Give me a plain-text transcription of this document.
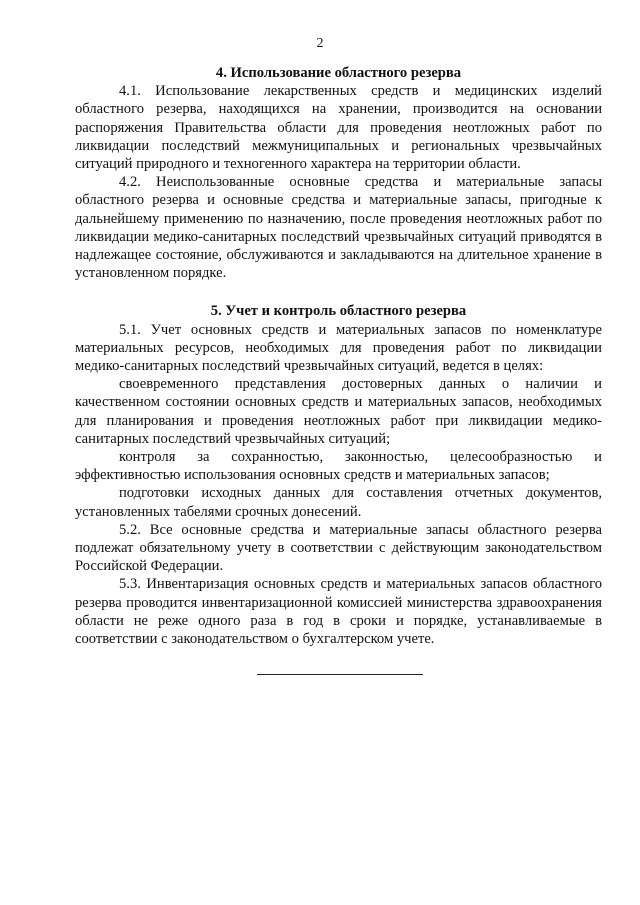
2
4. Использование областного резерва

4.1. Использование лекарственных средств и медицинских изделий областного резерва, находящихся на хранении, производится на основании распоряжения Правительства области для проведения неотложных работ по ликвидации последствий межмуниципальных и региональных чрезвычайных ситуаций природного и техногенного характера на территории области.

4.2. Неиспользованные основные средства и материальные запасы областного резерва и основные средства и материальные запасы, пригодные к дальнейшему применению по назначению, после проведения неотложных работ по ликвидации медико-санитарных последствий чрезвычайных ситуаций приводятся в надлежащее состояние, обслуживаются и закладываются на длительное хранение в установленном порядке.

5. Учет и контроль областного резерва

5.1. Учет основных средств и материальных запасов по номенклатуре материальных ресурсов, необходимых для проведения работ по ликвидации медико-санитарных последствий чрезвычайных ситуаций, ведется в целях:

своевременного представления достоверных данных о наличии и качественном состоянии основных средств и материальных запасов, необходимых для планирования и проведения неотложных работ при ликвидации медико-санитарных последствий чрезвычайных ситуаций;

контроля за сохранностью, законностью, целесообразностью и эффективностью использования основных средств и материальных запасов;

подготовки исходных данных для составления отчетных документов, установленных табелями срочных донесений.

5.2. Все основные средства и материальные запасы областного резерва подлежат обязательному учету в соответствии с действующим законодательством Российской Федерации.

5.3. Инвентаризация основных средств и материальных запасов областного резерва проводится инвентаризационной комиссией министерства здравоохранения области не реже одного раза в год в сроки и порядке, устанавливаемые в соответствии с законодательством о бухгалтерском учете.
